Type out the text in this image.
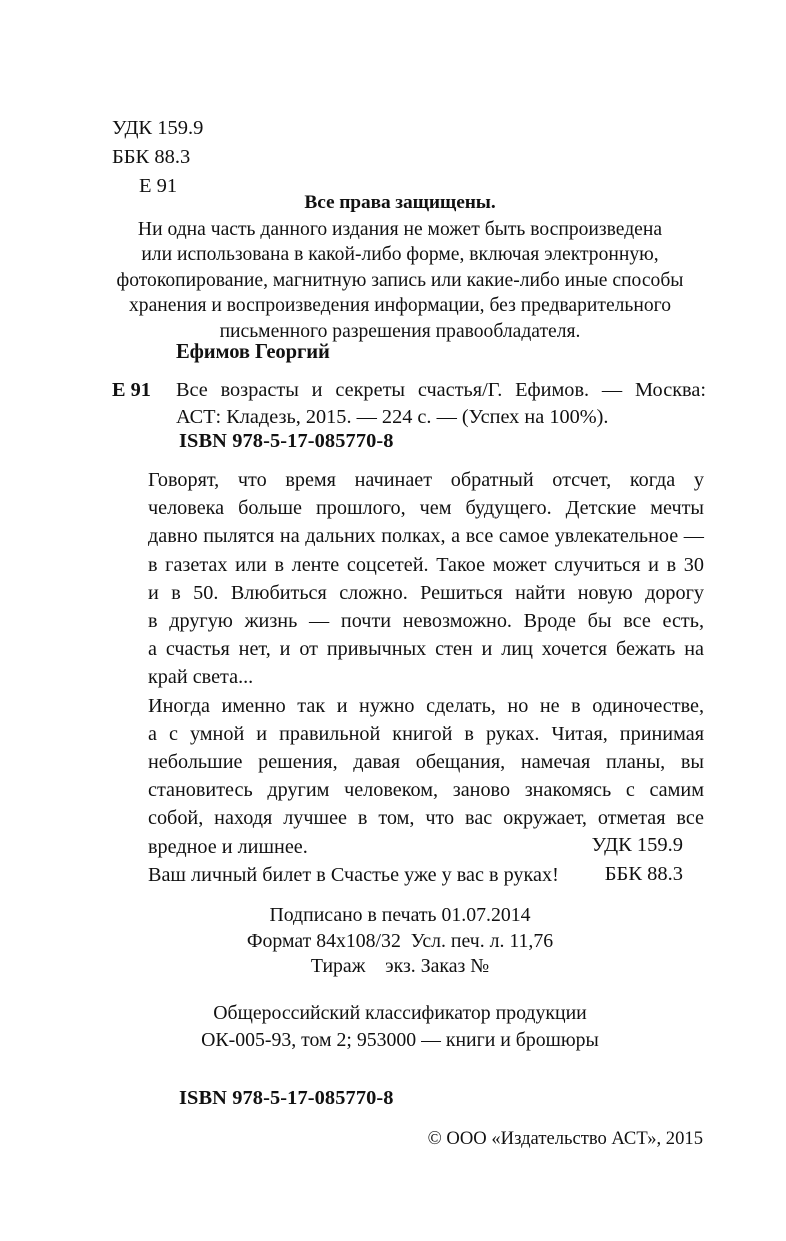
УДК 159.9
ББК 88.3
Е 91
Все права защищены.
Ни одна часть данного издания не может быть воспроизведена
или использована в какой-либо форме, включая электронную,
фотокопирование, магнитную запись или какие-либо иные способы
хранения и воспроизведения информации, без предварительного
письменного разрешения правообладателя.
Ефимов Георгий
Е 91 Все возрасты и секреты счастья/Г. Ефимов. — Москва:
АСТ: Кладезь, 2015. — 224 с. — (Успех на 100%).
ISBN 978-5-17-085770-8

Говорят, что время начинает обратный отсчет, когда у
человека больше прошлого, чем будущего. Детские мечты
давно пылятся на дальних полках, а все самое увлекательное —
в газетах или в ленте соцсетей. Такое может случиться и в 30
и в 50. Влюбиться сложно. Решиться найти новую дорогу
в другую жизнь — почти невозможно. Вроде бы все есть,
а счастья нет, и от привычных стен и лиц хочется бежать на
край света...

Иногда именно так и нужно сделать, но не в одиночестве,
а с умной и правильной книгой в руках. Читая, принимая
небольшие решения, давая обещания, намечая планы, вы
становитесь другим человеком, заново знакомясь с самим
собой, находя лучшее в том, что вас окружает, отметая все
вредное и лишнее.

Ваш личный билет в Счастье уже у вас в руках!

УДК 159.9
ББК 88.3
Подписано в печать 01.07.2014
Формат 84х108/32  Усл. печ. л. 11,76
Тираж    экз. Заказ №
Общероссийский классификатор продукции
ОК-005-93, том 2; 953000 — книги и брошюры
ISBN 978-5-17-085770-8
© ООО «Издательство АСТ», 2015
